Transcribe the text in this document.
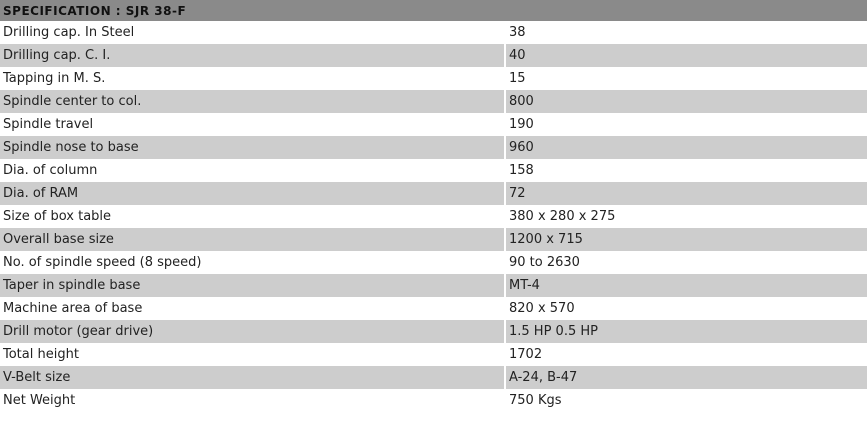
SPECIFICATION : SJR 38-F	
Drilling cap. In Steel	38
Drilling cap. C. I.	40
Tapping in M. S.	15
Spindle center to col.	800
Spindle travel	190
Spindle nose to base	960
Dia. of column	158
Dia. of RAM	72
Size of box table	380 x 280 x 275
Overall base size	1200 x 715
No. of spindle speed (8 speed)	90 to 2630
Taper in spindle base	MT-4
Machine area of base	820 x 570
Drill motor (gear drive)	1.5 HP 0.5 HP
Total height	1702
V-Belt size	A-24, B-47
Net Weight	750 Kgs
